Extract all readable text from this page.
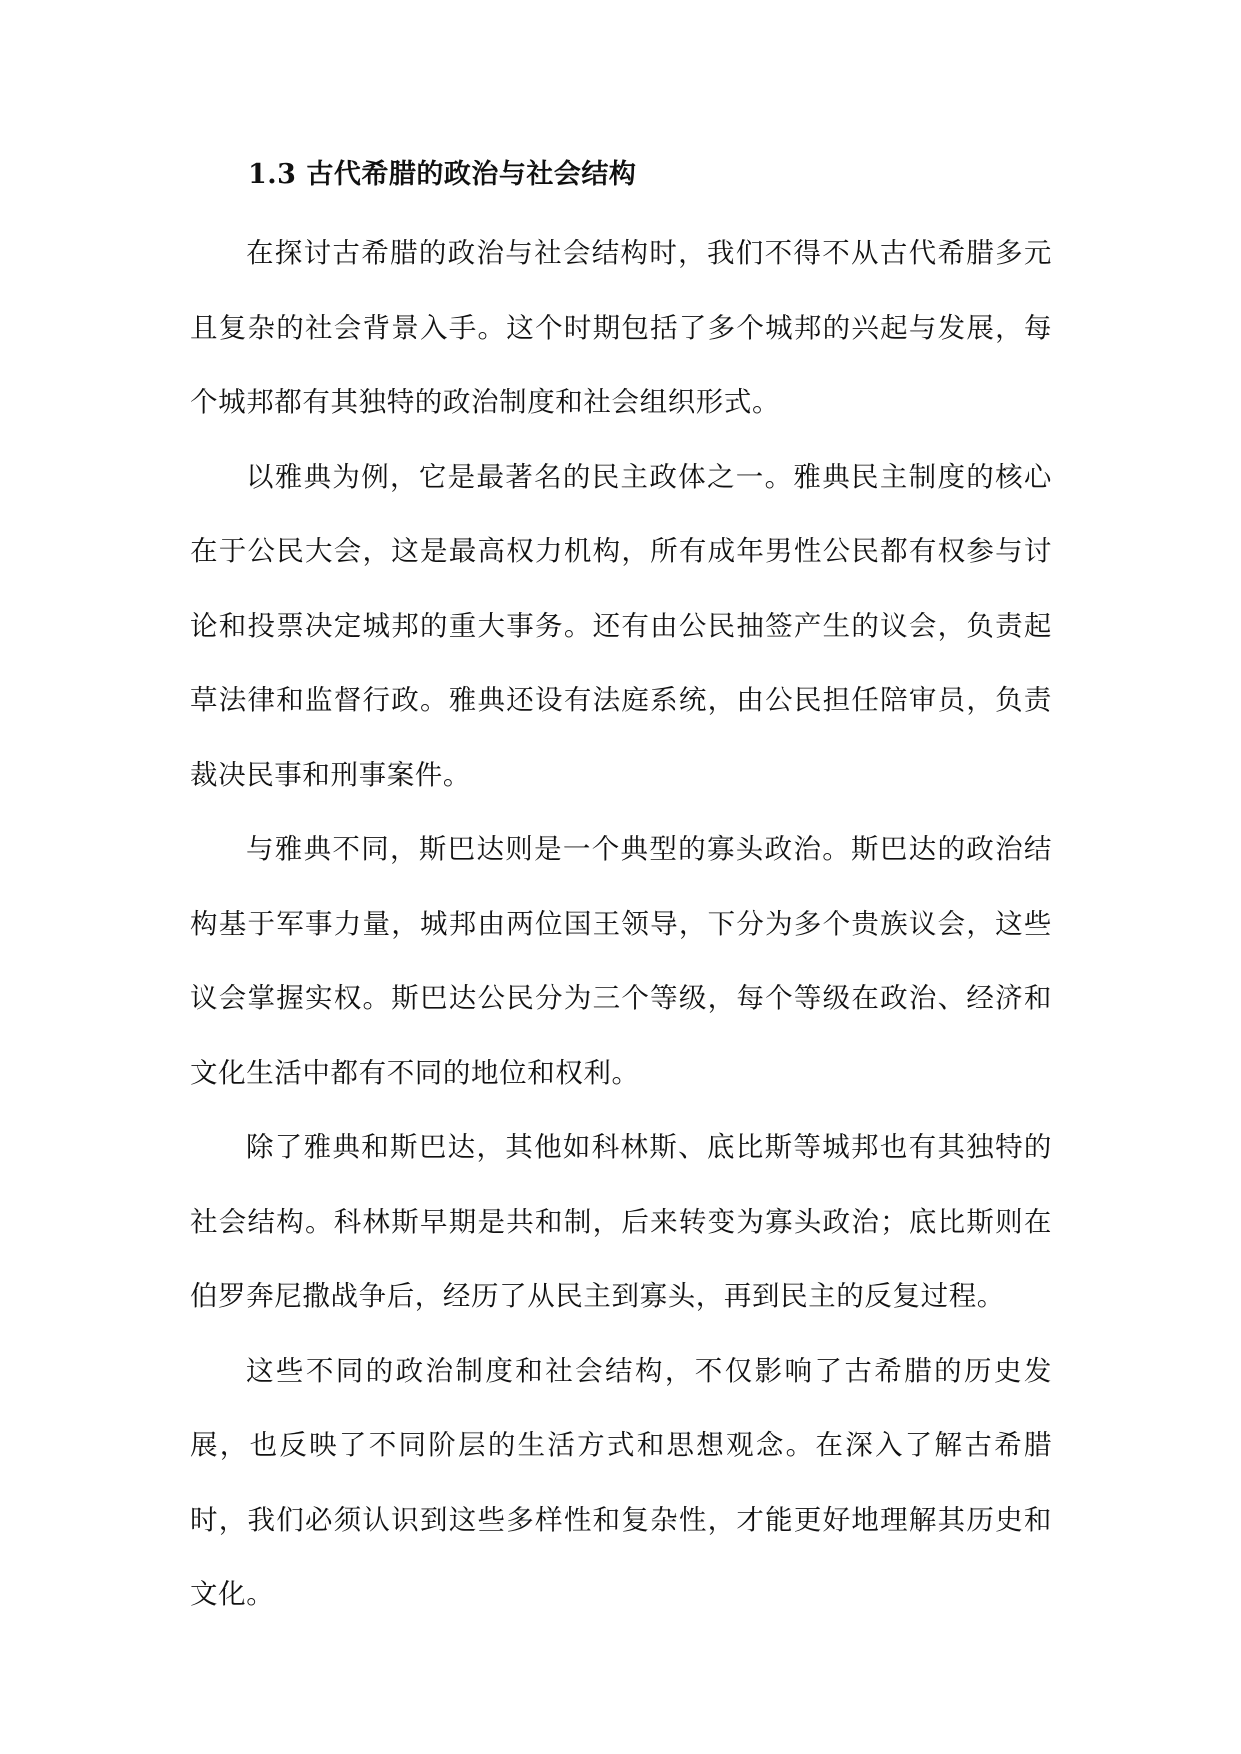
1.3 古代希腊的政治与社会结构

在探讨古希腊的政治与社会结构时，我们不得不从古代希腊多元且复杂的社会背景入手。这个时期包括了多个城邦的兴起与发展，每个城邦都有其独特的政治制度和社会组织形式。

以雅典为例，它是最著名的民主政体之一。雅典民主制度的核心在于公民大会，这是最高权力机构，所有成年男性公民都有权参与讨论和投票决定城邦的重大事务。还有由公民抽签产生的议会，负责起草法律和监督行政。雅典还设有法庭系统，由公民担任陪审员，负责裁决民事和刑事案件。

与雅典不同，斯巴达则是一个典型的寡头政治。斯巴达的政治结构基于军事力量，城邦由两位国王领导，下分为多个贵族议会，这些议会掌握实权。斯巴达公民分为三个等级，每个等级在政治、经济和文化生活中都有不同的地位和权利。

除了雅典和斯巴达，其他如科林斯、底比斯等城邦也有其独特的社会结构。科林斯早期是共和制，后来转变为寡头政治；底比斯则在伯罗奔尼撒战争后，经历了从民主到寡头，再到民主的反复过程。

这些不同的政治制度和社会结构，不仅影响了古希腊的历史发展，也反映了不同阶层的生活方式和思想观念。在深入了解古希腊时，我们必须认识到这些多样性和复杂性，才能更好地理解其历史和文化。
